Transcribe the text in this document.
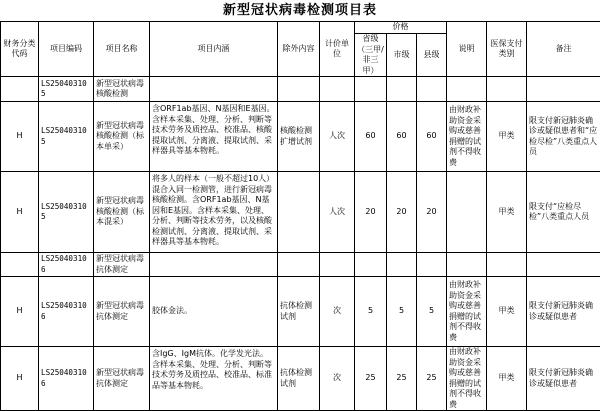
新型冠状病毒检测项目表
财务分类代码	项目编码	项目名称	项目内涵	除外内容	计价单位	价格			说明	医保支付类别	备注
						省级（三甲/非三甲）	市级	县级			
	LS250403105	新型冠状病毒核酸检测									
H	LS250403105	新型冠状病毒核酸检测（标本单采）	含ORF1ab基因、N基因和E基因。含样本采集、处理、分析、判断等技术劳务及质控品、校准品、核酸提取试剂、分离液、提取试剂、采样器具等基本物耗。	核酸检测扩增试剂	人次	60	60	60	由财政补助资金采购或慈善捐赠的试剂不得收费	甲类	限支付新冠肺炎确诊或疑似患者和“应检尽检”八类重点人员
H	LS250403105	新型冠状病毒核酸检测（标本混采）	将多人的样本（一般不超过10人）混合入同一检测管，进行新冠病毒核酸检测。含ORF1ab基因、N基因和E基因。含样本采集、处理、分析、判断等技术劳务，以及核酸检测试剂、分离液、提取试剂、采样器具等基本物耗。		人次	20	20	20		甲类	限支付“应检尽检”八类重点人员
	LS250403106	新型冠状病毒抗体测定									
H	LS250403106	新型冠状病毒抗体测定	胶体金法。	抗体检测试剂	次	5	5	5	由财政补助资金采购或慈善捐赠的试剂不得收费	甲类	限支付新冠肺炎确诊或疑似患者
H	LS250403106	新型冠状病毒抗体测定	含IgG、IgM抗体。化学发光法。含样本采集、处理、分析、判断等技术劳务及质控品、校准品、标准品等基本物耗。	抗体检测试剂	次	25	25	25	由财政补助资金采购或慈善捐赠的试剂不得收费	甲类	限支付新冠肺炎确诊或疑似患者
